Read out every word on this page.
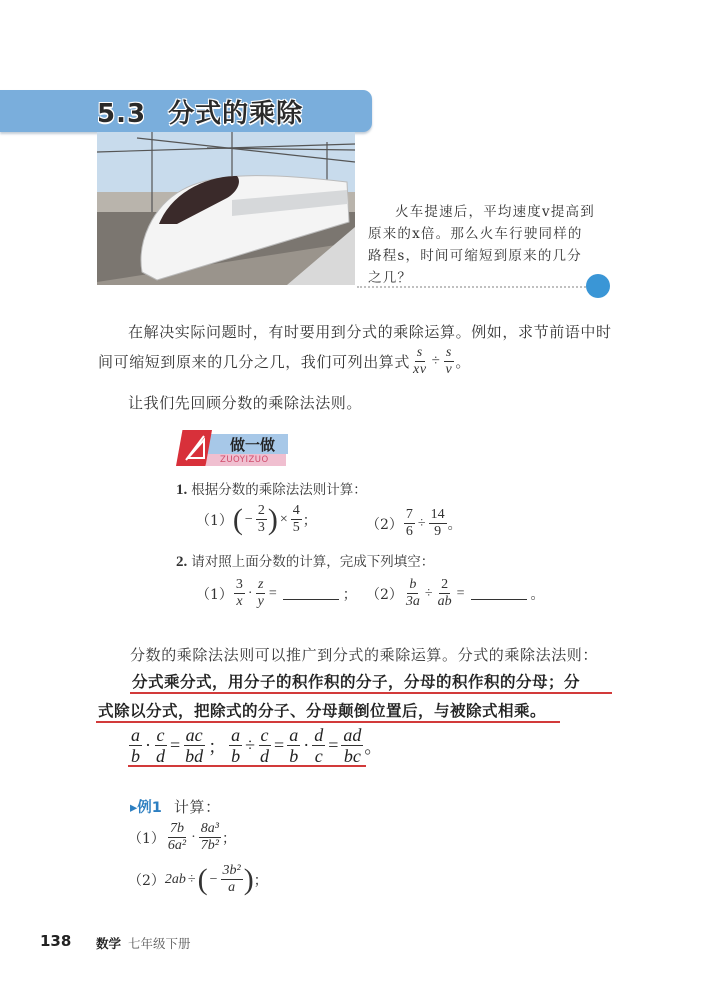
5.3 分式的乘除
火车提速后，平均速度v提高到
原来的x倍。那么火车行驶同样的
路程s，时间可缩短到原来的几分
之几？
在解决实际问题时，有时要用到分式的乘除运算。例如，求节前语中时
间可缩短到原来的几分之几，我们可列出算式 $\frac{s}{xv} \div \frac{s}{v}$ 。
让我们先回顾分数的乘除法法则。
做一做
ZUOYIZUO
1. 根据分数的乘除法法则计算：
（1） ( − $\frac{2}{3}$ ) × $\frac{4}{5}$ ；	$(2) \frac{7}{6} \div \frac{14}{9}$ 。
2. 请对照上面分数的计算，完成下列填空：
$(1) \frac{3}{x} \cdot \frac{z}{y}$ =	； $(2) \frac{b}{3a} \div \frac{2}{ab}$ =	。
分数的乘除法法则可以推广到分式的乘除运算。分式的乘除法法则：
分式乘分式，用分子的积作积的分子，分母的积作积的分母；分
式除以分式，把除式的分子、分母颠倒位置后，与被除式相乘。
$\frac{a}{b} \cdot \frac{c}{d} = \frac{ac}{bd}$ ； $\frac{a}{b} \div \frac{c}{d} = \frac{a}{b} \cdot \frac{d}{c} = \frac{ad}{bc}$ 。
▸例1 计算：
$(1) \frac{7b}{\text{6a²}} \cdot \frac{\text{8a³}}{\text{7b²}}$ ；
（2） 2ab ÷ ( − $\frac{\text{3b²}}{a}$ ) ；
138 数学 七年级下册
